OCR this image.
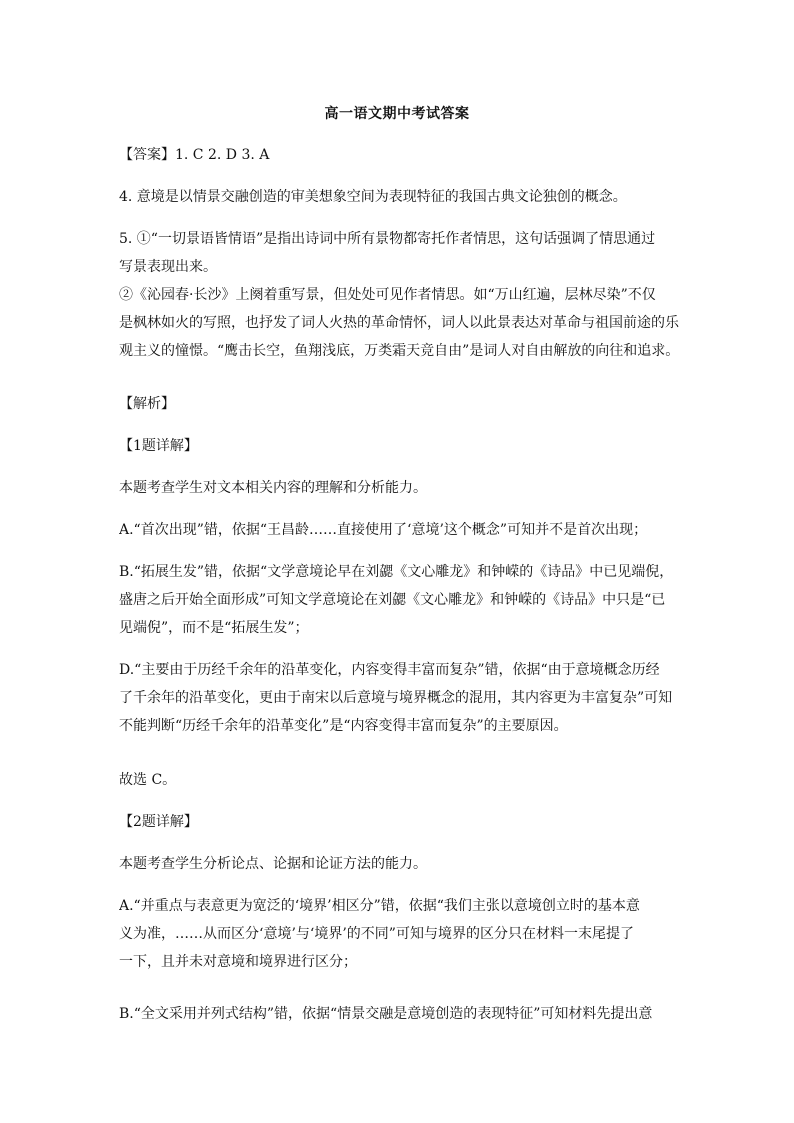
高一语文期中考试答案
【答案】1. C 2. D 3. A
4. 意境是以情景交融创造的审美想象空间为表现特征的我国古典文论独创的概念。
5. ①“一切景语皆情语”是指出诗词中所有景物都寄托作者情思，这句话强调了情思通过
写景表现出来。
②《沁园春·长沙》上阕着重写景，但处处可见作者情思。如“万山红遍，层林尽染”不仅
是枫林如火的写照，也抒发了词人火热的革命情怀，词人以此景表达对革命与祖国前途的乐
观主义的憧憬。“鹰击长空，鱼翔浅底，万类霜天竞自由”是词人对自由解放的向往和追求。
【解析】
【1题详解】
本题考查学生对文本相关内容的理解和分析能力。
A.“首次出现”错，依据“王昌龄……直接使用了‘意境’这个概念”可知并不是首次出现；
B.“拓展生发”错，依据“文学意境论早在刘勰《文心雕龙》和钟嵘的《诗品》中已见端倪，
盛唐之后开始全面形成”可知文学意境论在刘勰《文心雕龙》和钟嵘的《诗品》中只是“已
见端倪”，而不是“拓展生发”；
D.“主要由于历经千余年的沿革变化，内容变得丰富而复杂”错，依据“由于意境概念历经
了千余年的沿革变化，更由于南宋以后意境与境界概念的混用，其内容更为丰富复杂”可知
不能判断“历经千余年的沿革变化”是“内容变得丰富而复杂”的主要原因。
故选 C。
【2题详解】
本题考查学生分析论点、论据和论证方法的能力。
A.“并重点与表意更为宽泛的‘境界’相区分”错，依据“我们主张以意境创立时的基本意
义为准，……从而区分‘意境’与‘境界’的不同”可知与境界的区分只在材料一末尾提了
一下，且并未对意境和境界进行区分；
B.“全文采用并列式结构”错，依据“情景交融是意境创造的表现特征”可知材料先提出意
